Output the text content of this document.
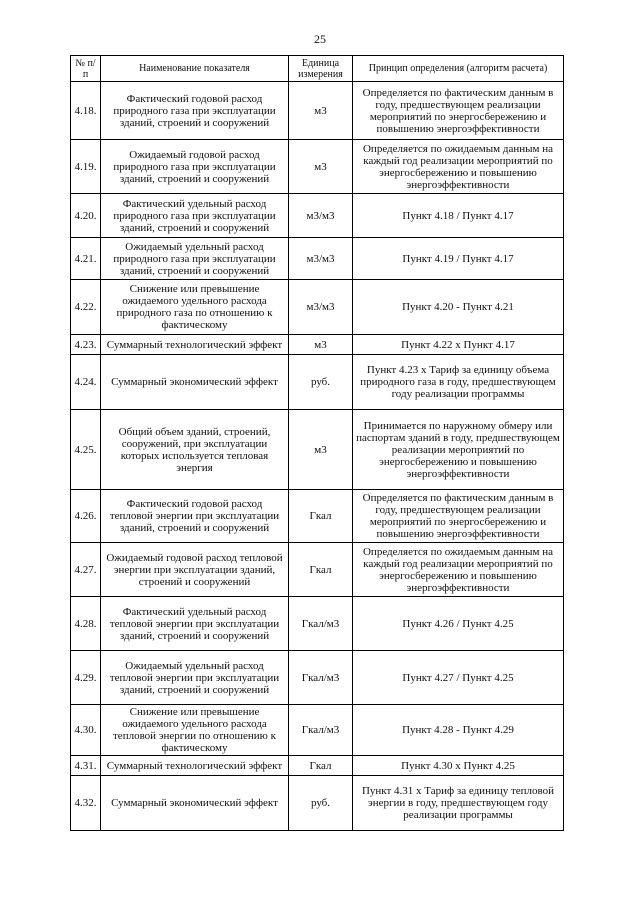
25
№ п/п	Наименование показателя	Единица измерения	Принцип определения (алгоритм расчета)
4.18.	Фактический годовой расход природного газа при эксплуатации зданий, строений и сооружений	м3	Определяется по фактическим данным в году, предшествующем реализации мероприятий по энергосбережению и повышению энергоэффективности
4.19.	Ожидаемый годовой расход природного газа при эксплуатации зданий, строений и сооружений	м3	Определяется по ожидаемым данным на каждый год реализации мероприятий по энергосбережению и повышению энергоэффективности
4.20.	Фактический удельный расход природного газа при эксплуатации зданий, строений и сооружений	м3/м3	Пункт 4.18 / Пункт 4.17
4.21.	Ожидаемый удельный расход природного газа при эксплуатации зданий, строений и сооружений	м3/м3	Пункт 4.19 / Пункт 4.17
4.22.	Снижение или превышение ожидаемого удельного расхода природного газа по отношению к фактическому	м3/м3	Пункт 4.20 - Пункт 4.21
4.23.	Суммарный технологический эффект	м3	Пункт 4.22 x Пункт 4.17
4.24.	Суммарный экономический эффект	руб.	Пункт 4.23 x Тариф за единицу объема природного газа в году, предшествующем году реализации программы
4.25.	Общий объем зданий, строений, сооружений, при эксплуатации которых используется тепловая энергия	м3	Принимается по наружному обмеру или паспортам зданий в году, предшествующем реализации мероприятий по энергосбережению и повышению энергоэффективности
4.26.	Фактический годовой расход тепловой энергии при эксплуатации зданий, строений и сооружений	Гкал	Определяется по фактическим данным в году, предшествующем реализации мероприятий по энергосбережению и повышению энергоэффективности
4.27.	Ожидаемый годовой расход тепловой энергии при эксплуатации зданий, строений и сооружений	Гкал	Определяется по ожидаемым данным на каждый год реализации мероприятий по энергосбережению и повышению энергоэффективности
4.28.	Фактический удельный расход тепловой энергии при эксплуатации зданий, строений и сооружений	Гкал/м3	Пункт 4.26 / Пункт 4.25
4.29.	Ожидаемый удельный расход тепловой энергии при эксплуатации зданий, строений и сооружений	Гкал/м3	Пункт 4.27 / Пункт 4.25
4.30.	Снижение или превышение ожидаемого удельного расхода тепловой энергии по отношению к фактическому	Гкал/м3	Пункт 4.28 - Пункт 4.29
4.31.	Суммарный технологический эффект	Гкал	Пункт 4.30 x Пункт 4.25
4.32.	Суммарный экономический эффект	руб.	Пункт 4.31 x Тариф за единицу тепловой энергии в году, предшествующем году реализации программы
